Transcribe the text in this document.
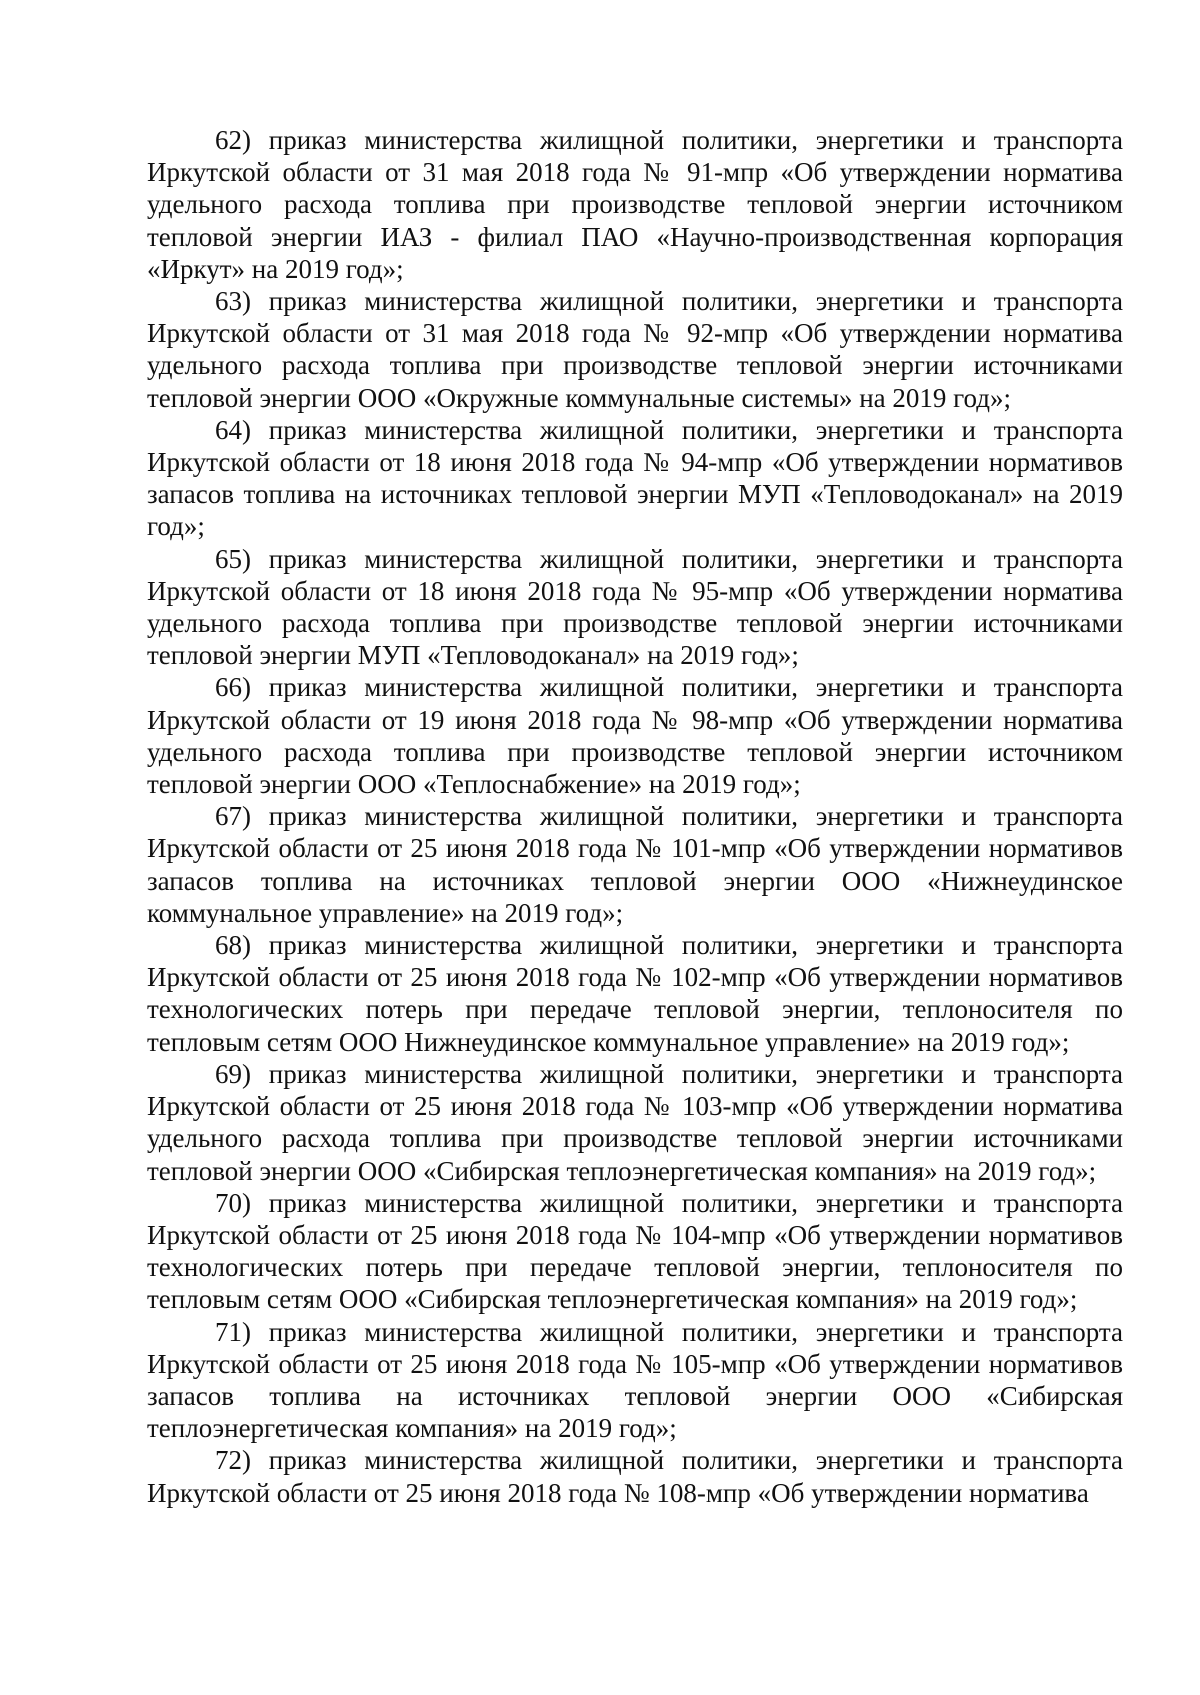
62) приказ министерства жилищной политики, энергетики и транспорта Иркутской области от 31 мая 2018 года № 91-мпр «Об утверждении норматива удельного расхода топлива при производстве тепловой энергии источником тепловой энергии ИАЗ - филиал ПАО «Научно-производственная корпорация «Иркут» на 2019 год»;

63) приказ министерства жилищной политики, энергетики и транспорта Иркутской области от 31 мая 2018 года № 92-мпр «Об утверждении норматива удельного расхода топлива при производстве тепловой энергии источниками тепловой энергии ООО «Окружные коммунальные системы» на 2019 год»;

64) приказ министерства жилищной политики, энергетики и транспорта Иркутской области от 18 июня 2018 года № 94-мпр «Об утверждении нормативов запасов топлива на источниках тепловой энергии МУП «Тепловодоканал» на 2019 год»;

65) приказ министерства жилищной политики, энергетики и транспорта Иркутской области от 18 июня 2018 года № 95-мпр «Об утверждении норматива удельного расхода топлива при производстве тепловой энергии источниками тепловой энергии МУП «Тепловодоканал» на 2019 год»;

66) приказ министерства жилищной политики, энергетики и транспорта Иркутской области от 19 июня 2018 года № 98-мпр «Об утверждении норматива удельного расхода топлива при производстве тепловой энергии источником тепловой энергии ООО «Теплоснабжение» на 2019 год»;

67) приказ министерства жилищной политики, энергетики и транспорта Иркутской области от 25 июня 2018 года № 101-мпр «Об утверждении нормативов запасов топлива на источниках тепловой энергии ООО «Нижнеудинское коммунальное управление» на 2019 год»;

68) приказ министерства жилищной политики, энергетики и транспорта Иркутской области от 25 июня 2018 года № 102-мпр «Об утверждении нормативов технологических потерь при передаче тепловой энергии, теплоносителя по тепловым сетям ООО Нижнеудинское коммунальное управление» на 2019 год»;

69) приказ министерства жилищной политики, энергетики и транспорта Иркутской области от 25 июня 2018 года № 103-мпр «Об утверждении норматива удельного расхода топлива при производстве тепловой энергии источниками тепловой энергии ООО «Сибирская теплоэнергетическая компания» на 2019 год»;

70) приказ министерства жилищной политики, энергетики и транспорта Иркутской области от 25 июня 2018 года № 104-мпр «Об утверждении нормативов технологических потерь при передаче тепловой энергии, теплоносителя по тепловым сетям ООО «Сибирская теплоэнергетическая компания» на 2019 год»;

71) приказ министерства жилищной политики, энергетики и транспорта Иркутской области от 25 июня 2018 года № 105-мпр «Об утверждении нормативов запасов топлива на источниках тепловой энергии ООО «Сибирская теплоэнергетическая компания» на 2019 год»;

72) приказ министерства жилищной политики, энергетики и транспорта Иркутской области от 25 июня 2018 года № 108-мпр «Об утверждении норматива
